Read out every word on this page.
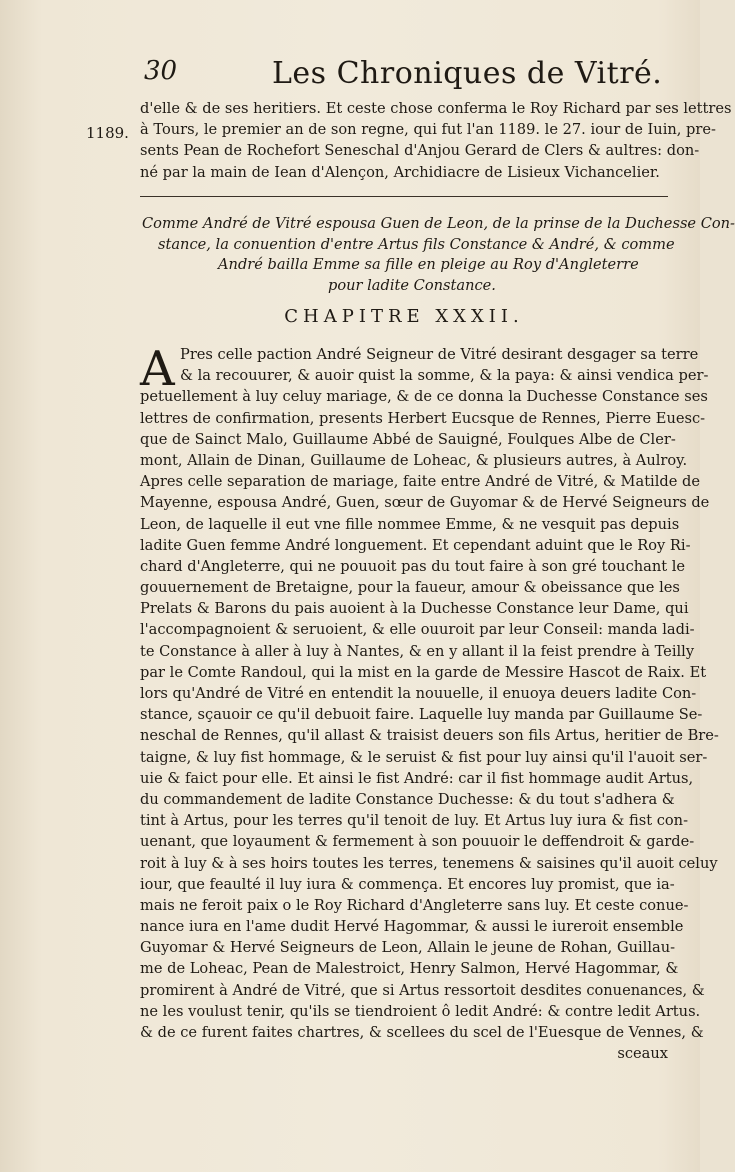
30	Les Chroniques de Vitré.
1189.
d'elle & de ses heritiers. Et ceste chose conferma le Roy Richard par ses lettres
à Tours, le premier an de son regne, qui fut l'an 1189. le 27. iour de Iuin, pre-
sents Pean de Rochefort Seneschal d'Anjou Gerard de Clers & aultres: don-
né par la main de Iean d'Alençon, Archidiacre de Lisieux Vichancelier.
Comme André de Vitré espousa Guen de Leon, de la prinse de la Duchesse Con-
stance, la conuention d'entre Artus fils Constance & André, & comme
André bailla Emme sa fille en pleige au Roy d'Angleterre
pour ladite Constance.
CHAPITRE XXXII.
A Pres celle paction André Seigneur de Vitré desirant desgager sa terre
& la recouurer, & auoir quist la somme, & la paya: & ainsi vendica per-
petuellement à luy celuy mariage, & de ce donna la Duchesse Constance ses
lettres de confirmation, presents Herbert Eucsque de Rennes, Pierre Euesc-
que de Sainct Malo, Guillaume Abbé de Sauigné, Foulques Albe de Cler-
mont, Allain de Dinan, Guillaume de Loheac, & plusieurs autres, à Aulroy.
Apres celle separation de mariage, faite entre André de Vitré, & Matilde de
Mayenne, espousa André, Guen, sœur de Guyomar & de Hervé Seigneurs de
Leon, de laquelle il eut vne fille nommee Emme, & ne vesquit pas depuis
ladite Guen femme André longuement. Et cependant aduint que le Roy Ri-
chard d'Angleterre, qui ne pouuoit pas du tout faire à son gré touchant le
gouuernement de Bretaigne, pour la faueur, amour & obeissance que les
Prelats & Barons du pais auoient à la Duchesse Constance leur Dame, qui
l'accompagnoient & seruoient, & elle ouuroit par leur Conseil: manda ladi-
te Constance à aller à luy à Nantes, & en y allant il la feist prendre à Teilly
par le Comte Randoul, qui la mist en la garde de Messire Hascot de Raix. Et
lors qu'André de Vitré en entendit la nouuelle, il enuoya deuers ladite Con-
stance, sçauoir ce qu'il debuoit faire. Laquelle luy manda par Guillaume Se-
neschal de Rennes, qu'il allast & traisist deuers son fils Artus, heritier de Bre-
taigne, & luy fist hommage, & le seruist & fist pour luy ainsi qu'il l'auoit ser-
uie & faict pour elle. Et ainsi le fist André: car il fist hommage audit Artus,
du commandement de ladite Constance Duchesse: & du tout s'adhera &
tint à Artus, pour les terres qu'il tenoit de luy. Et Artus luy iura & fist con-
uenant, que loyaument & fermement à son pouuoir le deffendroit & garde-
roit à luy & à ses hoirs toutes les terres, tenemens & saisines qu'il auoit celuy
iour, que feaulté il luy iura & commença. Et encores luy promist, que ia-
mais ne feroit paix o le Roy Richard d'Angleterre sans luy. Et ceste conue-
nance iura en l'ame dudit Hervé Hagommar, & aussi le iureroit ensemble
Guyomar & Hervé Seigneurs de Leon, Allain le jeune de Rohan, Guillau-
me de Loheac, Pean de Malestroict, Henry Salmon, Hervé Hagommar, &
promirent à André de Vitré, que si Artus ressortoit desdites conuenances, &
ne les voulust tenir, qu'ils se tiendroient ô ledit André: & contre ledit Artus.
& de ce furent faites chartres, & scellees du scel de l'Euesque de Vennes, &
sceaux
